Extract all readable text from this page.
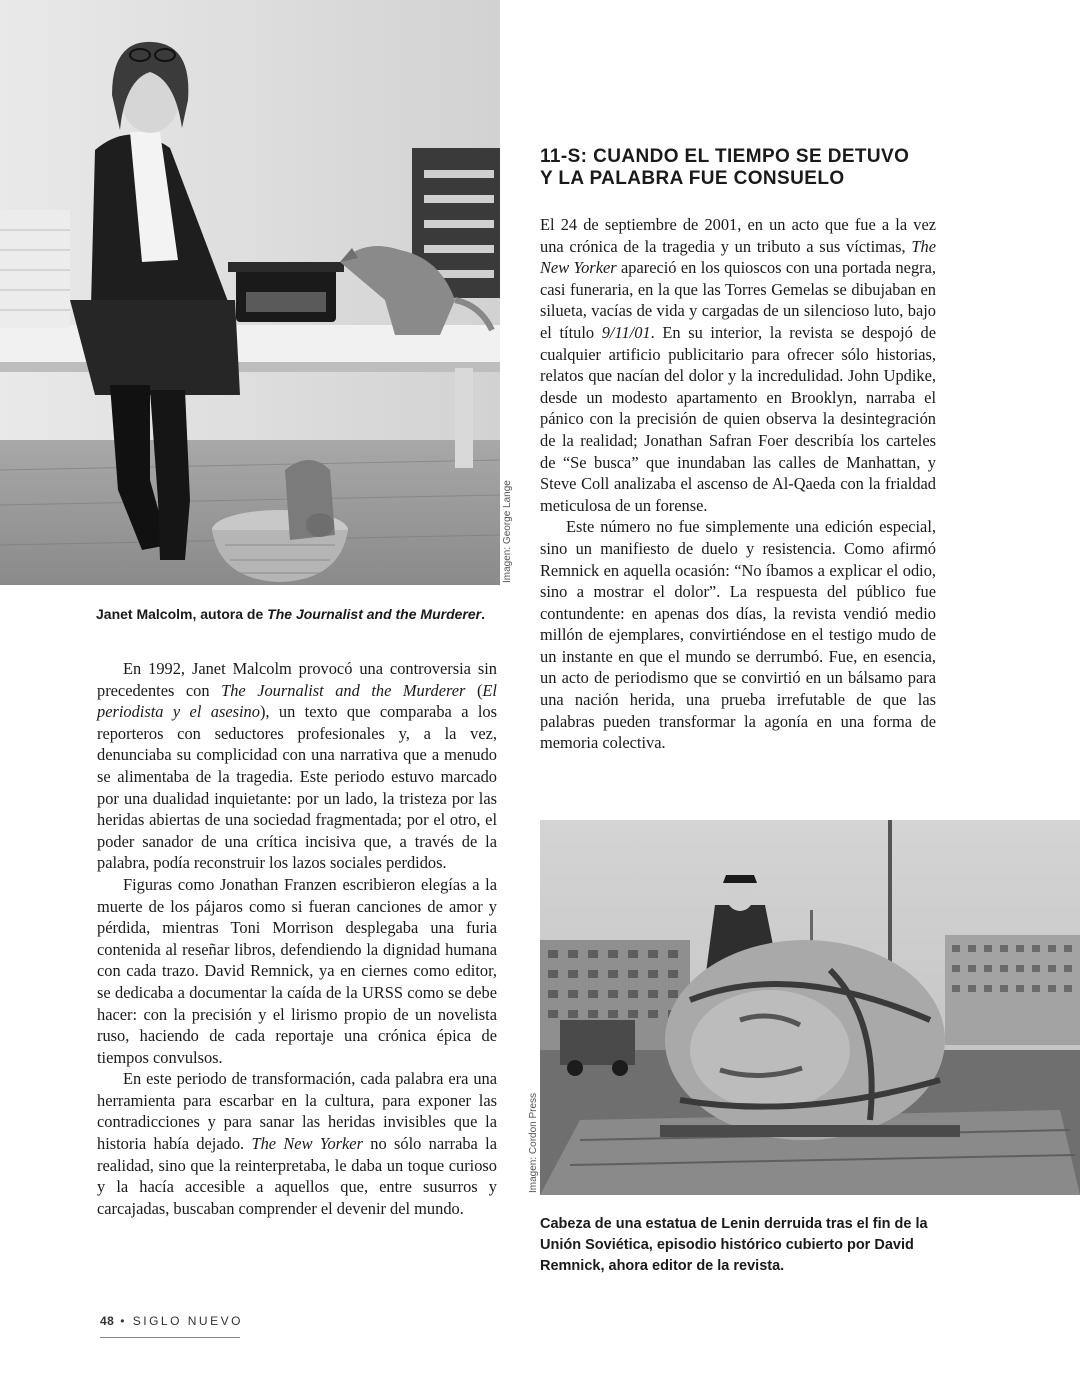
Imagen: George Lange
Janet Malcolm, autora de The Journalist and the Murderer.
11-S: CUANDO EL TIEMPO SE DETUVO
Y LA PALABRA FUE CONSUELO

El 24 de septiembre de 2001, en un acto que fue a la vez una crónica de la tragedia y un tributo a sus víctimas, The New Yorker apareció en los quioscos con una portada negra, casi funeraria, en la que las Torres Gemelas se dibujaban en silueta, vacías de vida y cargadas de un silencioso luto, bajo el título 9/11/01. En su interior, la revista se despojó de cualquier artificio publicitario para ofrecer sólo historias, relatos que nacían del dolor y la incredulidad. John Updike, desde un modesto apartamento en Brooklyn, narraba el pánico con la precisión de quien observa la desintegración de la realidad; Jonathan Safran Foer describía los carteles de “Se busca” que inundaban las calles de Manhattan, y Steve Coll analizaba el ascenso de Al-Qaeda con la frialdad meticulosa de un forense.

Este número no fue simplemente una edición especial, sino un manifiesto de duelo y resistencia. Como afirmó Remnick en aquella ocasión: “No íbamos a explicar el odio, sino a mostrar el dolor”. La respuesta del público fue contundente: en apenas dos días, la revista vendió medio millón de ejemplares, convirtiéndose en el testigo mudo de un instante en que el mundo se derrumbó. Fue, en esencia, un acto de periodismo que se convirtió en un bálsamo para una nación herida, una prueba irrefutable de que las palabras pueden transformar la agonía en una forma de memoria colectiva.

En 1992, Janet Malcolm provocó una controversia sin precedentes con The Journalist and the Murderer (El periodista y el asesino), un texto que comparaba a los reporteros con seductores profesionales y, a la vez, denunciaba su complicidad con una narrativa que a menudo se alimentaba de la tragedia. Este periodo estuvo marcado por una dualidad inquietante: por un lado, la tristeza por las heridas abiertas de una sociedad fragmentada; por el otro, el poder sanador de una crítica incisiva que, a través de la palabra, podía reconstruir los lazos sociales perdidos.

Figuras como Jonathan Franzen escribieron elegías a la muerte de los pájaros como si fueran canciones de amor y pérdida, mientras Toni Morrison desplegaba una furia contenida al reseñar libros, defendiendo la dignidad humana con cada trazo. David Remnick, ya en ciernes como editor, se dedicaba a documentar la caída de la URSS como se debe hacer: con la precisión y el lirismo propio de un novelista ruso, haciendo de cada reportaje una crónica épica de tiempos convulsos.

En este periodo de transformación, cada palabra era una herramienta para escarbar en la cultura, para exponer las contradicciones y para sanar las heridas invisibles que la historia había dejado. The New Yorker no sólo narraba la realidad, sino que la reinterpretaba, le daba un toque curioso y la hacía accesible a aquellos que, entre susurros y carcajadas, buscaban comprender el devenir del mundo.

Imagen: Cordon Press
Cabeza de una estatua de Lenin derruida tras el fin de la Unión Soviética, episodio histórico cubierto por David Remnick, ahora editor de la revista.
48 • SIGLO NUEVO
